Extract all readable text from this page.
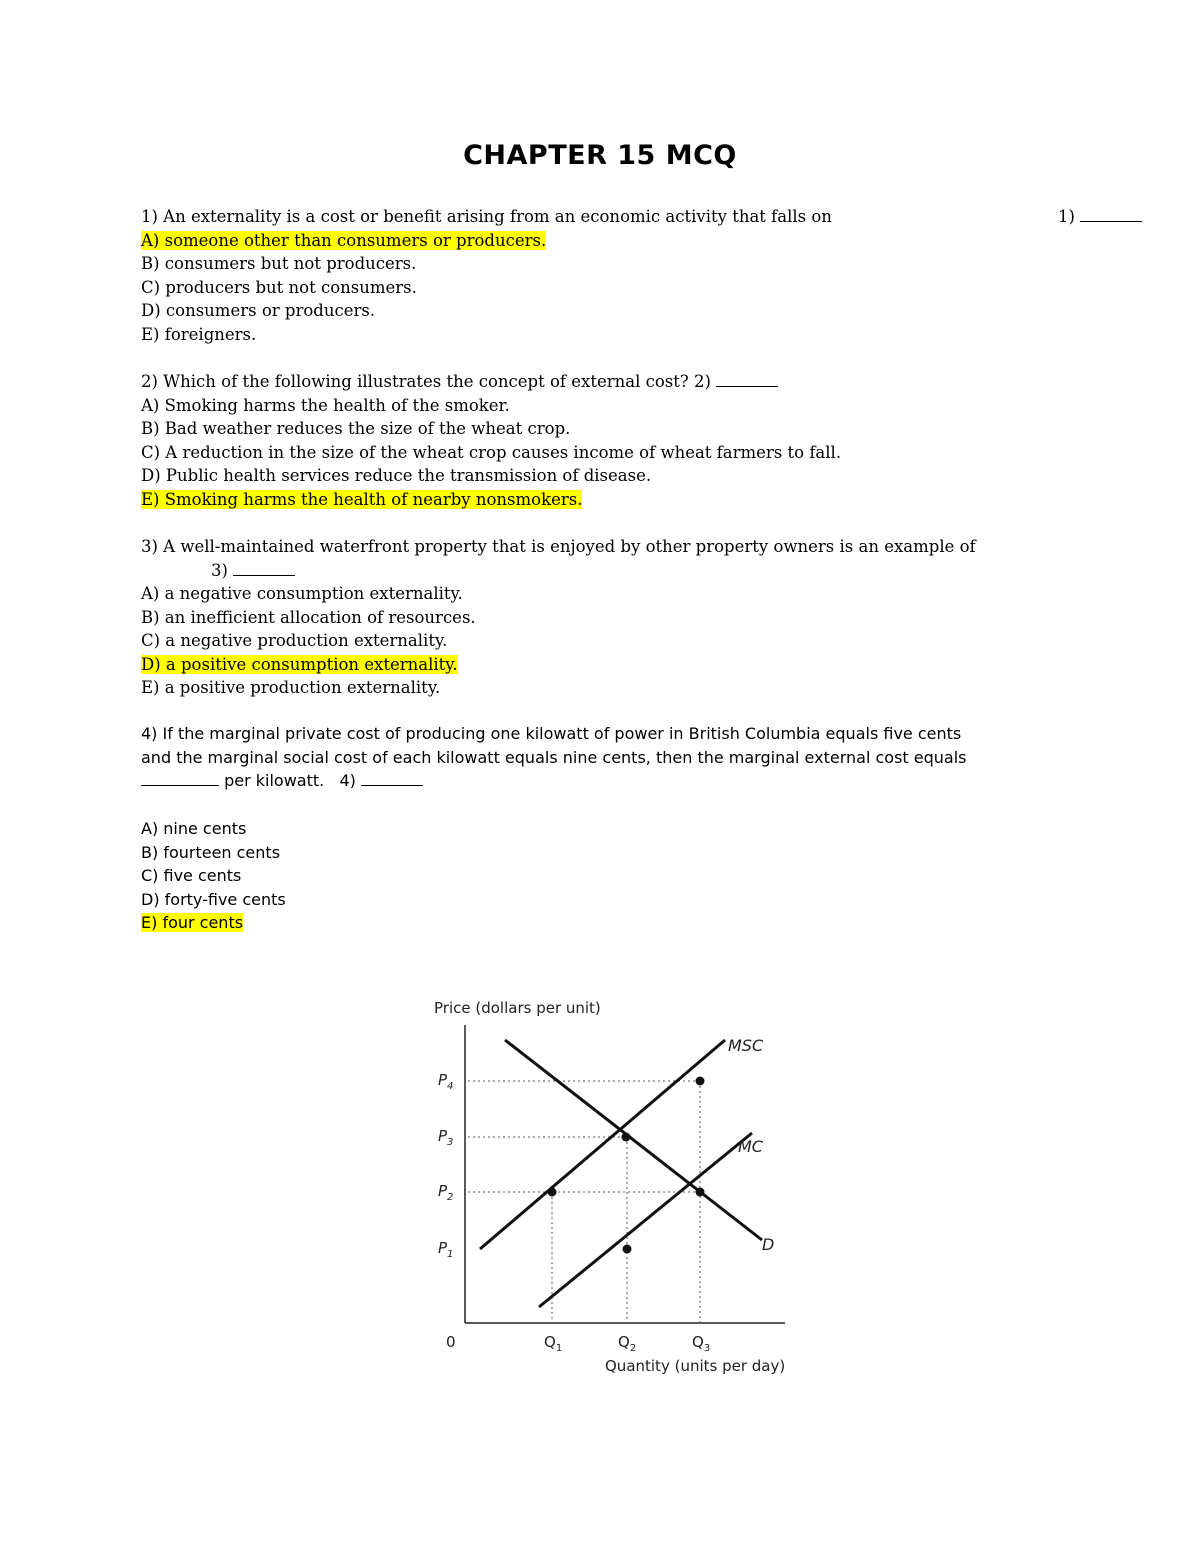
CHAPTER 15 MCQ
1) An externality is a cost or benefit arising from an economic activity that falls on	1)
A) someone other than consumers or producers.
B) consumers but not producers.
C) producers but not consumers.
D) consumers or producers.
E) foreigners.
2) Which of the following illustrates the concept of external cost? 2)
A) Smoking harms the health of the smoker.
B) Bad weather reduces the size of the wheat crop.
C) A reduction in the size of the wheat crop causes income of wheat farmers to fall.
D) Public health services reduce the transmission of disease.
E) Smoking harms the health of nearby nonsmokers.
3) A well-maintained waterfront property that is enjoyed by other property owners is an example of
3)
A) a negative consumption externality.
B) an inefficient allocation of resources.
C) a negative production externality.
D) a positive consumption externality.
E) a positive production externality.
4) If the marginal private cost of producing one kilowatt of power in British Columbia equals five cents
and the marginal social cost of each kilowatt equals nine cents, then the marginal external cost equals
per kilowatt. 4)
A) nine cents
B) fourteen cents
C) five cents
D) forty-five cents
E) four cents
Price (dollars per unit)
MSC
MC
D
$P_4$
$P_3$
$P_2$
$P_1$
0	$Q_1$	$Q_2$	$Q_3$
Quantity (units per day)
